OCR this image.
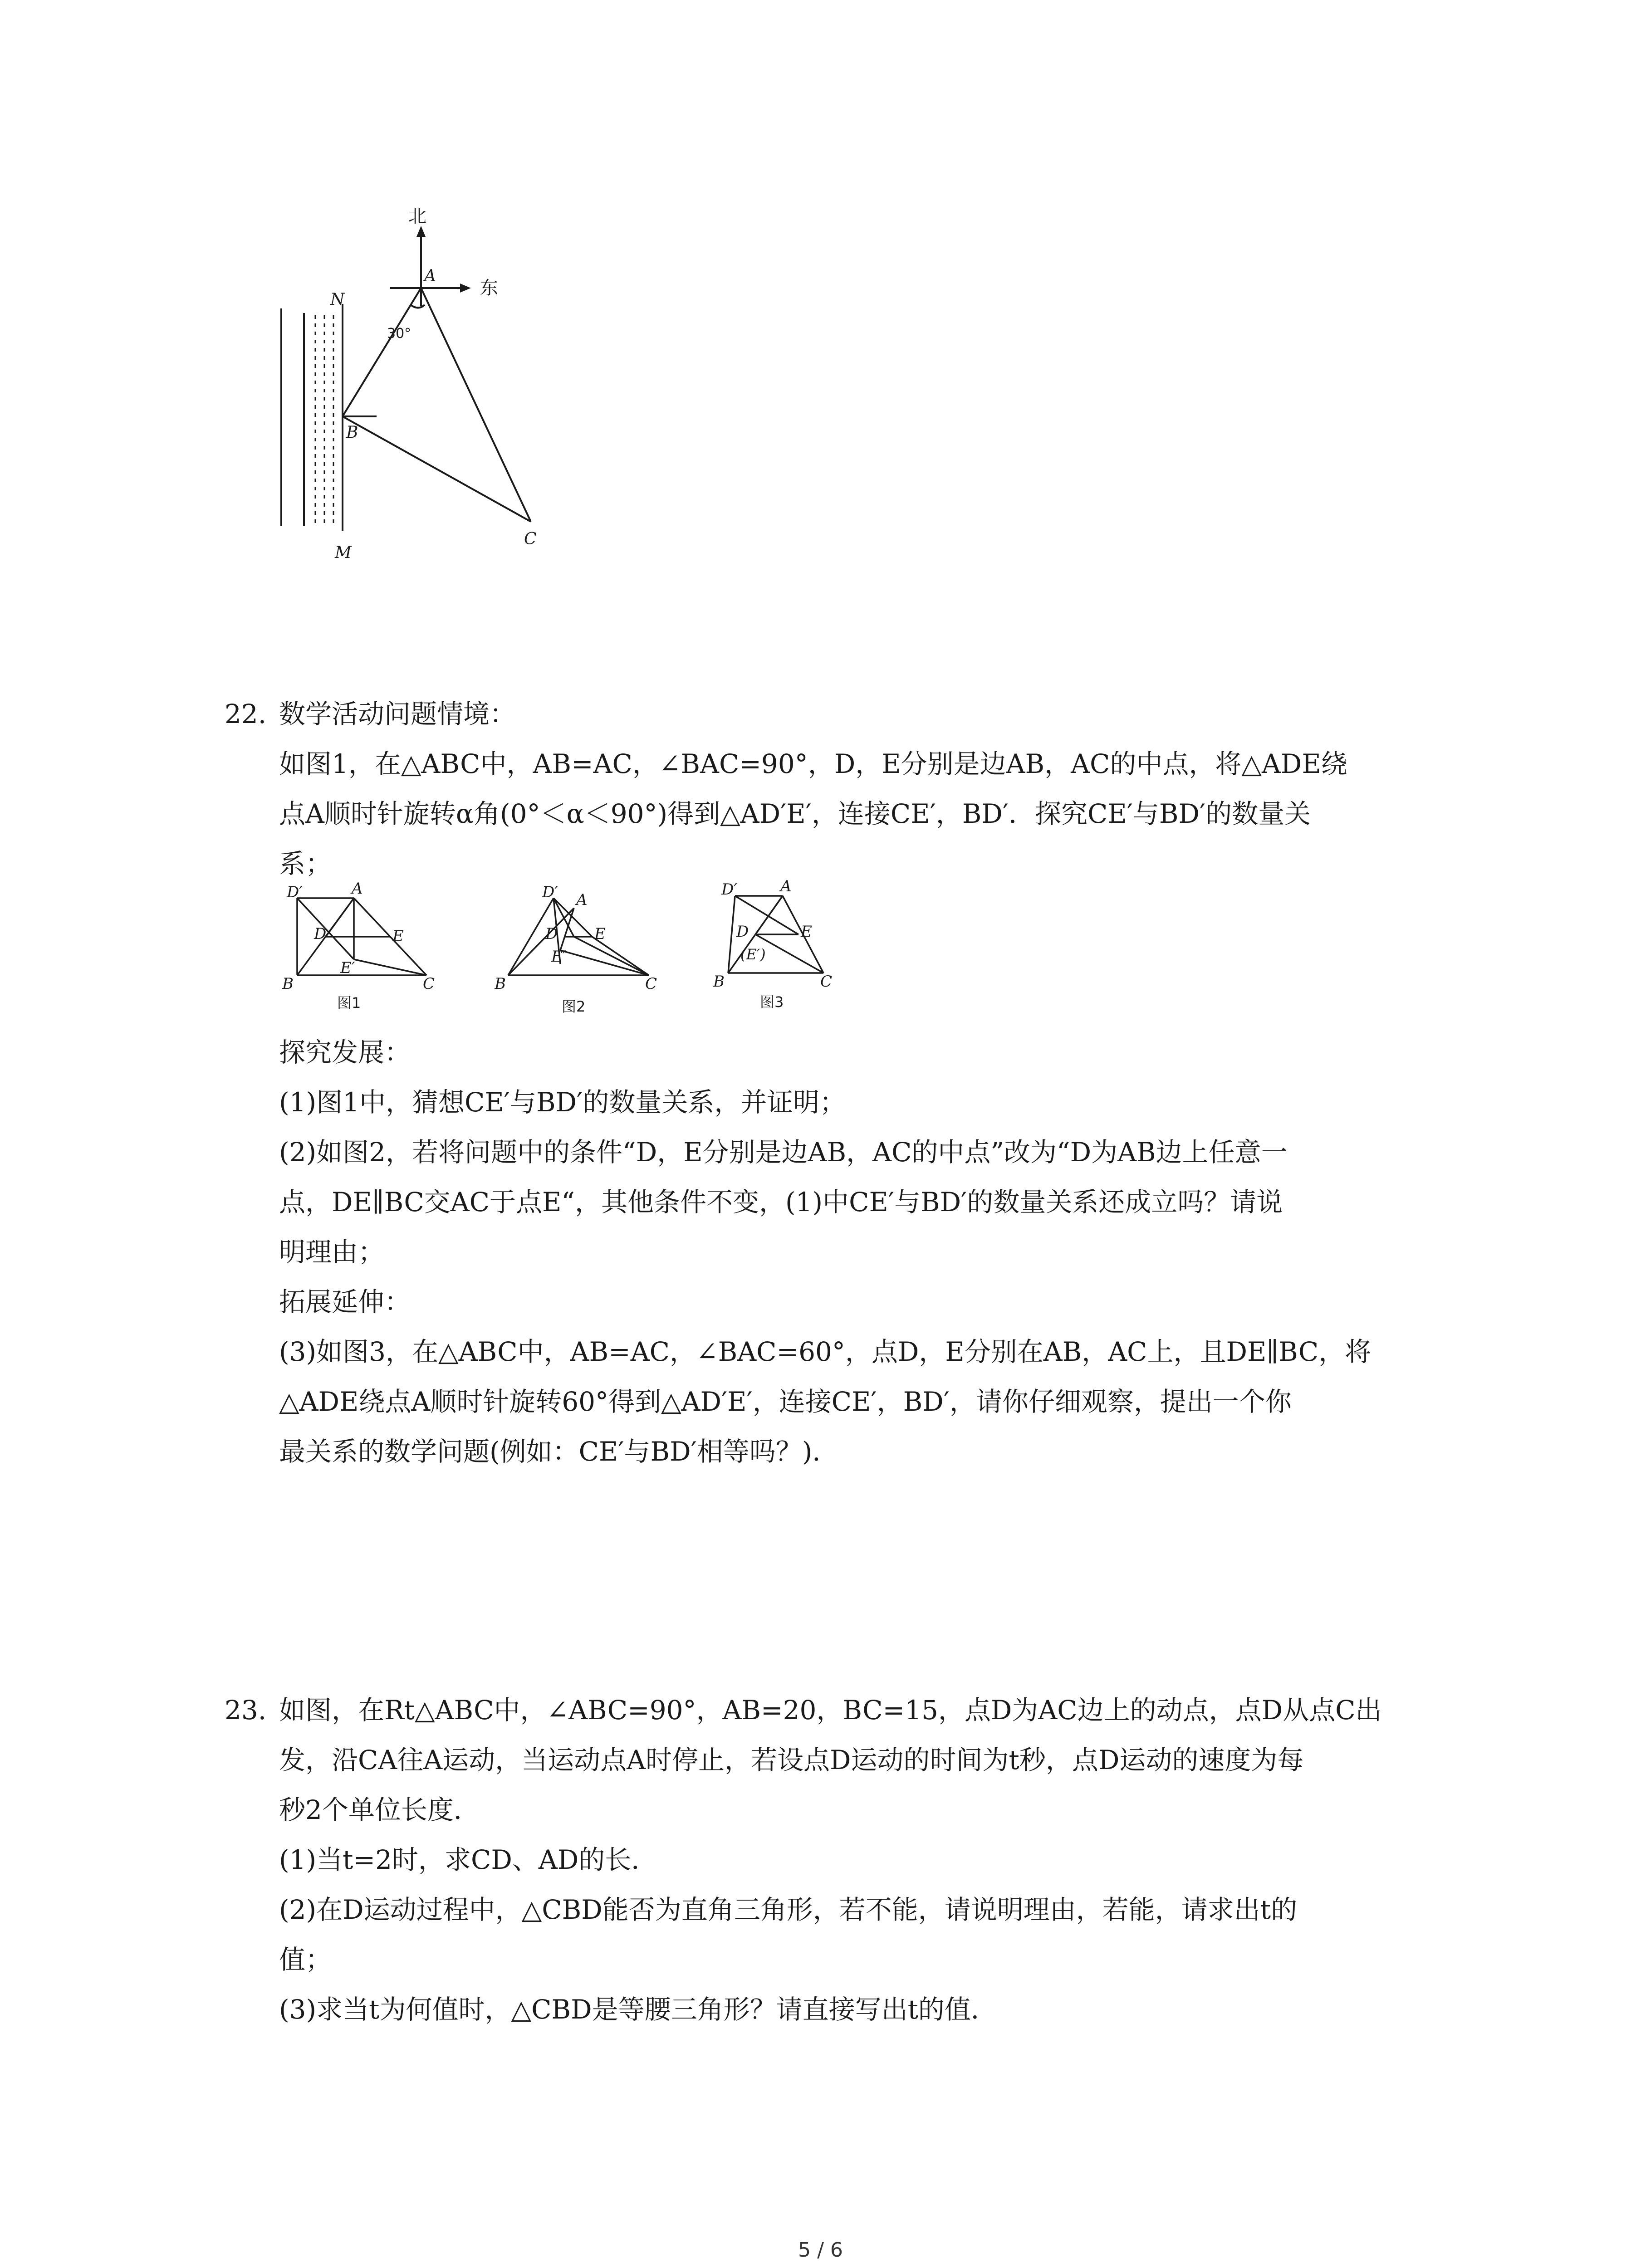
北
东
A
N
B
C
M
30°
22. 数学活动问题情境：
如图1，在△ABC中，AB=AC，∠BAC=90°，D，E分别是边AB，AC的中点，将△ADE绕
点A顺时针旋转α角(0°＜α＜90°)得到△AD′E′，连接CE′，BD′．探究CE′与BD′的数量关
系；
D′	A
D	E
E′
B	C
图1
D′ A
D E
E′
B	C
图2
D′	A
D	E
(E′)
B	C
图3
探究发展：
(1)图1中，猜想CE′与BD′的数量关系，并证明；
(2)如图2，若将问题中的条件“D，E分别是边AB，AC的中点”改为“D为AB边上任意一
点，DE∥BC交AC于点E“，其他条件不变，(1)中CE′与BD′的数量关系还成立吗？请说
明理由；
拓展延伸：
(3)如图3，在△ABC中，AB=AC，∠BAC=60°，点D，E分别在AB，AC上，且DE∥BC，将
△ADE绕点A顺时针旋转60°得到△AD′E′，连接CE′，BD′，请你仔细观察，提出一个你
最关系的数学问题(例如：CE′与BD′相等吗？)．
23. 如图，在Rt△ABC中，∠ABC=90°，AB=20，BC=15，点D为AC边上的动点，点D从点C出
发，沿CA往A运动，当运动点A时停止，若设点D运动的时间为t秒，点D运动的速度为每
秒2个单位长度．
(1)当t=2时，求CD、AD的长．
(2)在D运动过程中，△CBD能否为直角三角形，若不能，请说明理由，若能，请求出t的
值；
(3)求当t为何值时，△CBD是等腰三角形？请直接写出t的值．
5 / 6
